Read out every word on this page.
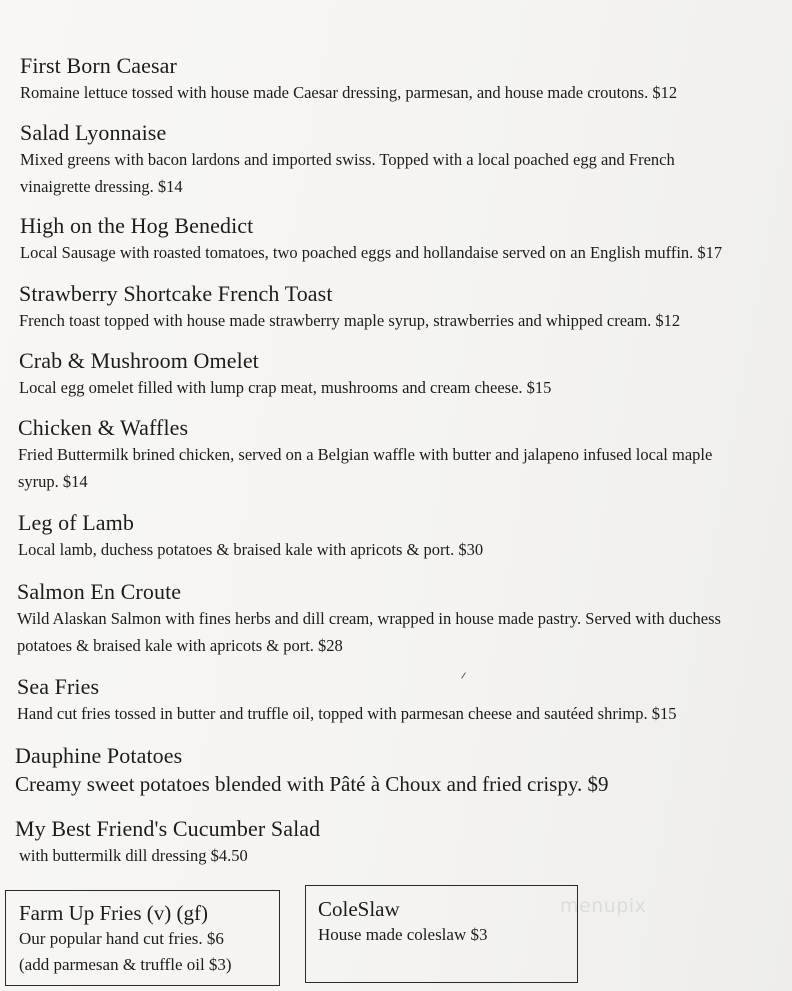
First Born Caesar
Romaine lettuce tossed with house made Caesar dressing, parmesan, and house made croutons. $12
Salad Lyonnaise
Mixed greens with bacon lardons and imported swiss. Topped with a local poached egg and French
vinaigrette dressing. $14
High on the Hog Benedict
Local Sausage with roasted tomatoes, two poached eggs and hollandaise served on an English muffin. $17
Strawberry Shortcake French Toast
French toast topped with house made strawberry maple syrup, strawberries and whipped cream. $12
Crab & Mushroom Omelet
Local egg omelet filled with lump crap meat, mushrooms and cream cheese. $15
Chicken & Waffles
Fried Buttermilk brined chicken, served on a Belgian waffle with butter and jalapeno infused local maple
syrup. $14
Leg of Lamb
Local lamb, duchess potatoes & braised kale with apricots & port. $30
Salmon En Croute
Wild Alaskan Salmon with fines herbs and dill cream, wrapped in house made pastry. Served with duchess
potatoes & braised kale with apricots & port. $28
Sea Fries
Hand cut fries tossed in butter and truffle oil, topped with parmesan cheese and sautéed shrimp. $15
Dauphine Potatoes
Creamy sweet potatoes blended with Pâté à Choux and fried crispy. $9
My Best Friend's Cucumber Salad
with buttermilk dill dressing $4.50
Farm Up Fries (v) (gf)
Our popular hand cut fries. $6
(add parmesan & truffle oil $3)
ColeSlaw
House made coleslaw $3
menupix
